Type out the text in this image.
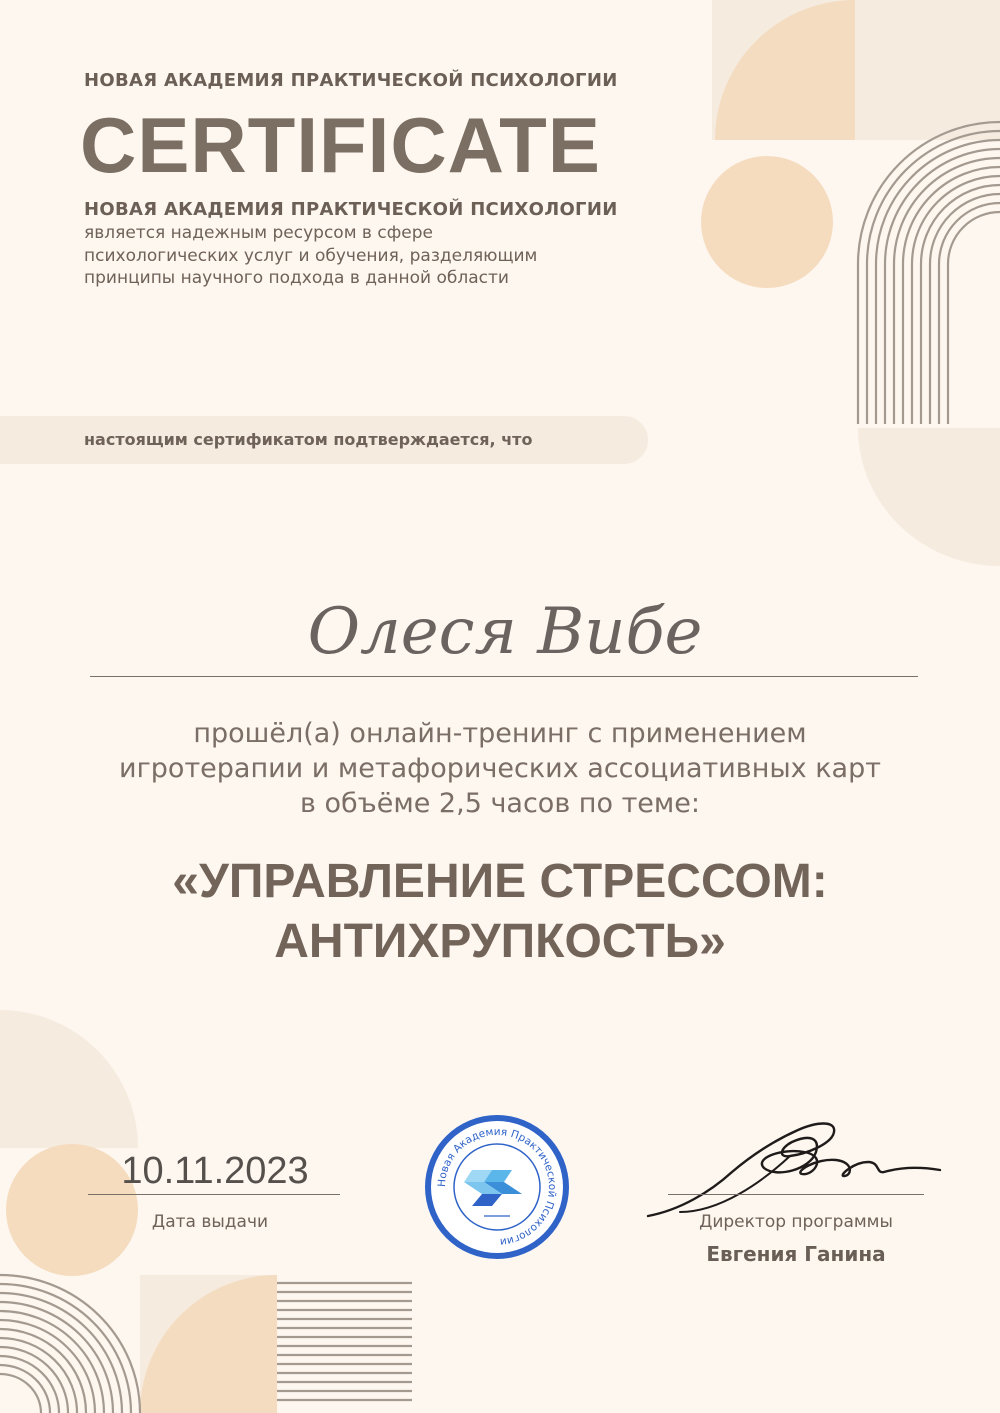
НОВАЯ АКАДЕМИЯ ПРАКТИЧЕСКОЙ ПСИХОЛОГИИ
CERTIFICATE
НОВАЯ АКАДЕМИЯ ПРАКТИЧЕСКОЙ ПСИХОЛОГИИ
является надежным ресурсом в сфере
психологических услуг и обучения, разделяющим
принципы научного подхода в данной области
настоящим сертификатом подтверждается, что
Олеся Вибе
прошёл(а) онлайн-тренинг с применением
игротерапии и метафорических ассоциативных карт
в объёме 2,5 часов по теме:
«УПРАВЛЕНИЕ СТРЕССОМ:
АНТИХРУПКОСТЬ»
10.11.2023
Дата выдачи
Новая Академия Практической Психологии
Директор программы
Евгения Ганина
